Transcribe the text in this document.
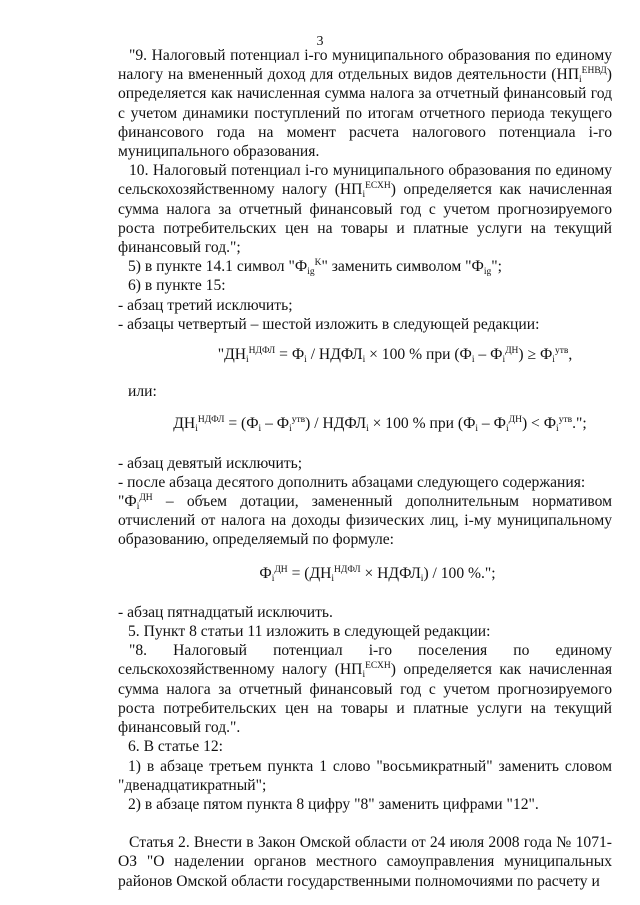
3

"9. Налоговый потенциал i-го муниципального образования по единому налогу на вмененный доход для отдельных видов деятельности $(НП_i^{ЕНВД})$ определяется как начисленная сумма налога за отчетный финансовый год с учетом динамики поступлений по итогам отчетного периода текущего финансового года на момент расчета налогового потенциала i-го муниципального образования.

10. Налоговый потенциал i-го муниципального образования по единому сельскохозяйственному налогу $(НП_i^{ЕСХН})$ определяется как начисленная сумма налога за отчетный финансовый год с учетом прогнозируемого роста потребительских цен на товары и платные услуги на текущий финансовый год.";

5) в пункте 14.1 символ "$Ф_{ig}^K$" заменить символом "$Ф_{ig}$";

6) в пункте 15:

- абзац третий исключить;

- абзацы четвертый – шестой изложить в следующей редакции:

"$ДН_i^{НДФЛ} = Ф_i$ / $НДФЛ_i \times 100$ % при $(Ф_i - Ф_i^{ДН}) \ge Ф_i^{утв}$,

или:

$ДН_i^{НДФЛ} = (Ф_i - Ф_i^{утв})$ / $НДФЛ_i \times 100$ % при $(Ф_i - Ф_i^{ДН}) < Ф_i^{утв}$.";

- абзац девятый исключить;

- после абзаца десятого дополнить абзацами следующего содержания:

"$Ф_i^{ДН}$ – объем дотации, замененный дополнительным нормативом отчислений от налога на доходы физических лиц, i-му муниципальному образованию, определяемый по формуле:

$Ф_i^{ДН} = (ДН_i^{НДФЛ}$ × $НДФЛ_i) / 100$ %.";

- абзац пятнадцатый исключить.

5. Пункт 8 статьи 11 изложить в следующей редакции:

"8. Налоговый потенциал i-го поселения по единому сельскохозяйственному налогу $(НП_i^{ЕСХН})$ определяется как начисленная сумма налога за отчетный финансовый год с учетом прогнозируемого роста потребительских цен на товары и платные услуги на текущий финансовый год.".

6. В статье 12:

1) в абзаце третьем пункта 1 слово "восьмикратный" заменить словом "двенадцатикратный";

2) в абзаце пятом пункта 8 цифру "8" заменить цифрами "12".

Статья 2. Внести в Закон Омской области от 24 июля 2008 года № 1071-ОЗ "О наделении органов местного самоуправления муниципальных районов Омской области государственными полномочиями по расчету и
